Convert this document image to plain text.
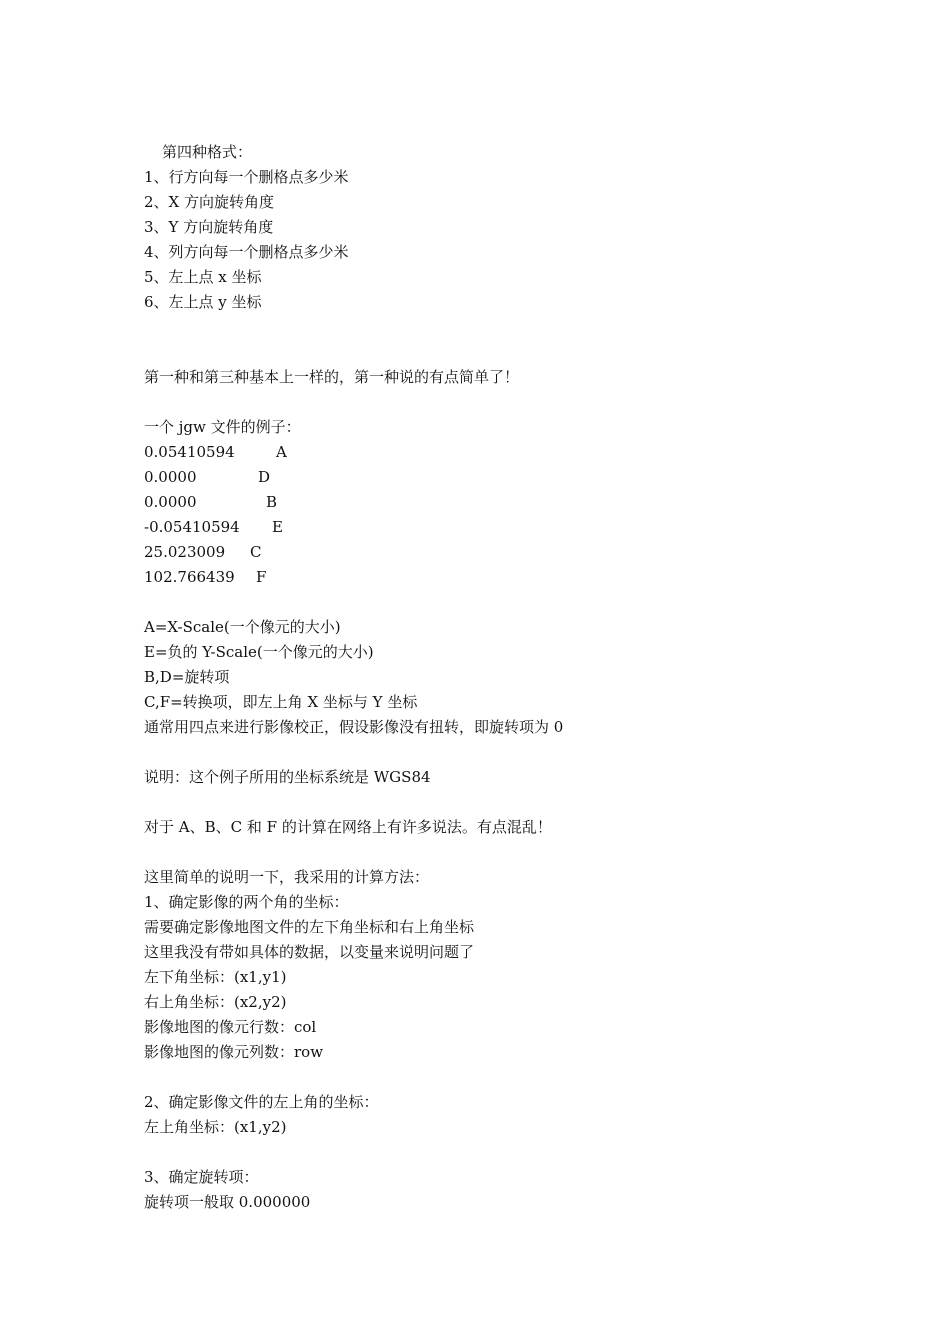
第四种格式：
1、行方向每一个删格点多少米
2、X 方向旋转角度
3、Y 方向旋转角度
4、列方向每一个删格点多少米
5、左上点 x 坐标
6、左上点 y 坐标
第一种和第三种基本上一样的，第一种说的有点简单了！
一个 jgw 文件的例子：
0.05410594	A
0.0000	D
0.0000	B
-0.05410594	E
25.023009	C
102.766439	F
A=X-Scale(一个像元的大小)
E=负的 Y-Scale(一个像元的大小)
B,D=旋转项
C,F=转换项，即左上角 X 坐标与 Y 坐标
通常用四点来进行影像校正，假设影像没有扭转，即旋转项为 0
说明：这个例子所用的坐标系统是 WGS84
对于 A、B、C 和 F 的计算在网络上有许多说法。有点混乱！
这里简单的说明一下，我采用的计算方法：
1、确定影像的两个角的坐标：
需要确定影像地图文件的左下角坐标和右上角坐标
这里我没有带如具体的数据，以变量来说明问题了
左下角坐标：(x1,y1)
右上角坐标：(x2,y2)
影像地图的像元行数：col
影像地图的像元列数：row
2、确定影像文件的左上角的坐标：
左上角坐标：(x1,y2)
3、确定旋转项：
旋转项一般取 0.000000
